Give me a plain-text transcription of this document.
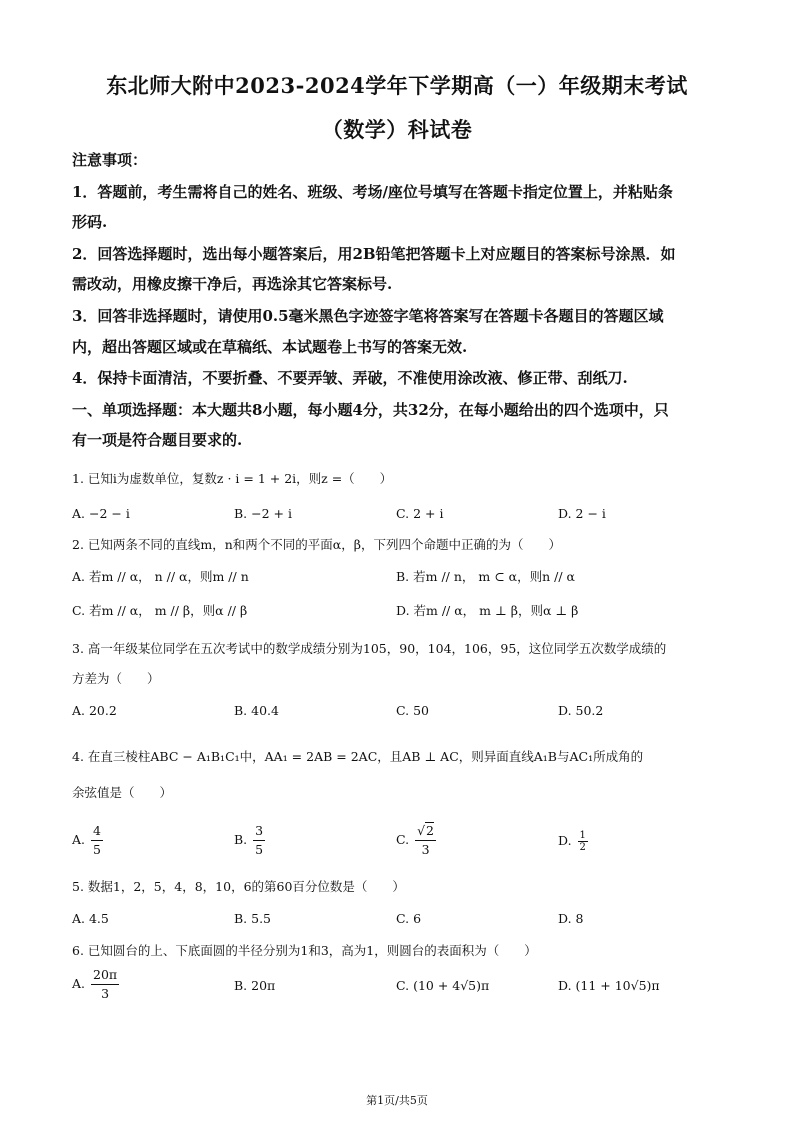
东北师大附中2023-2024学年下学期高（一）年级期末考试
（数学）科试卷
注意事项：
1．答题前，考生需将自己的姓名、班级、考场/座位号填写在答题卡指定位置上，并粘贴条
形码.
2．回答选择题时，选出每小题答案后，用2B铅笔把答题卡上对应题目的答案标号涂黑．如
需改动，用橡皮擦干净后，再选涂其它答案标号.
3．回答非选择题时，请使用0.5毫米黑色字迹签字笔将答案写在答题卡各题目的答题区域
内，超出答题区域或在草稿纸、本试题卷上书写的答案无效.
4．保持卡面清洁，不要折叠、不要弄皱、弄破，不准使用涂改液、修正带、刮纸刀.
一、单项选择题：本大题共8小题，每小题4分，共32分，在每小题给出的四个选项中，只
有一项是符合题目要求的.
1. 已知i为虚数单位，复数z · i = 1 + 2i，则z =（　　）
A. −2 − i	B. −2 + i	C. 2 + i	D. 2 − i
2. 已知两条不同的直线m，n和两个不同的平面α，β，下列四个命题中正确的为（　　）
A. 若m // α， n // α，则m // n	B. 若m // n， m ⊂ α，则n // α
C. 若m // α， m // β，则α // β	D. 若m // α， m ⊥ β，则α ⊥ β
3. 高一年级某位同学在五次考试中的数学成绩分别为105，90，104，106，95，这位同学五次数学成绩的
方差为（　　）
A. 20.2	B. 40.4	C. 50	D. 50.2
4. 在直三棱柱ABC − A₁B₁C₁中，AA₁ = 2AB = 2AC，且AB ⊥ AC，则异面直线A₁B与AC₁所成角的
余弦值是（　　）
A. $\frac{4}{5}$	B. $\frac{3}{5}$	C. $\frac{√2}{3}$	D. $\frac{1}{2}$
5. 数据1，2，5，4，8，10，6的第60百分位数是（　　）
A. 4.5	B. 5.5	C. 6	D. 8
6. 已知圆台的上、下底面圆的半径分别为1和3，高为1，则圆台的表面积为（　　）
A. $\frac{20\pi}{3}$	B. 20π	C. (10 + 4√5)π	D. (11 + 10√5)π
第1页/共5页
